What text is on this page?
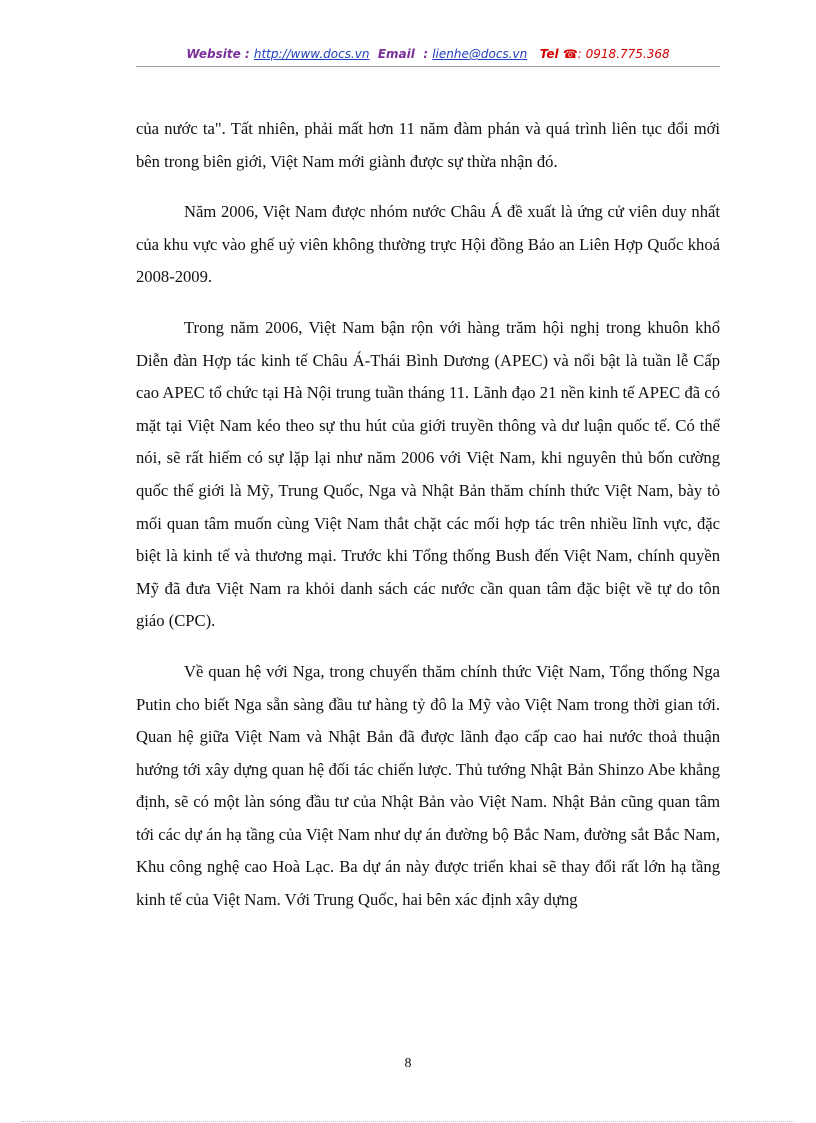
Website : http://www.docs.vn Email : lienhe@docs.vn Tel ☎: 0918.775.368

của nước ta". Tất nhiên, phải mất hơn 11 năm đàm phán và quá trình liên tục đổi mới bên trong biên giới, Việt Nam mới giành được sự thừa nhận đó.

Năm 2006, Việt Nam được nhóm nước Châu Á đề xuất là ứng cử viên duy nhất của khu vực vào ghế uỷ viên không thường trực Hội đồng Bảo an Liên Hợp Quốc khoá 2008-2009.

Trong năm 2006, Việt Nam bận rộn với hàng trăm hội nghị trong khuôn khổ Diễn đàn Hợp tác kinh tế Châu Á-Thái Bình Dương (APEC) và nổi bật là tuần lễ Cấp cao APEC tổ chức tại Hà Nội trung tuần tháng 11. Lãnh đạo 21 nền kinh tế APEC đã có mặt tại Việt Nam kéo theo sự thu hút của giới truyền thông và dư luận quốc tế. Có thể nói, sẽ rất hiếm có sự lặp lại như năm 2006 với Việt Nam, khi nguyên thủ bốn cường quốc thế giới là Mỹ, Trung Quốc, Nga và Nhật Bản thăm chính thức Việt Nam, bày tỏ mối quan tâm muốn cùng Việt Nam thắt chặt các mối hợp tác trên nhiều lĩnh vực, đặc biệt là kinh tế và thương mại. Trước khi Tổng thống Bush đến Việt Nam, chính quyền Mỹ đã đưa Việt Nam ra khỏi danh sách các nước cần quan tâm đặc biệt về tự do tôn giáo (CPC).

Về quan hệ với Nga, trong chuyến thăm chính thức Việt Nam, Tổng thống Nga Putin cho biết Nga sẵn sàng đầu tư hàng tỷ đô la Mỹ vào Việt Nam trong thời gian tới. Quan hệ giữa Việt Nam và Nhật Bản đã được lãnh đạo cấp cao hai nước thoả thuận hướng tới xây dựng quan hệ đối tác chiến lược. Thủ tướng Nhật Bản Shinzo Abe khẳng định, sẽ có một làn sóng đầu tư của Nhật Bản vào Việt Nam. Nhật Bản cũng quan tâm tới các dự án hạ tầng của Việt Nam như dự án đường bộ Bắc Nam, đường sắt Bắc Nam, Khu công nghệ cao Hoà Lạc. Ba dự án này được triển khai sẽ thay đổi rất lớn hạ tầng kinh tế của Việt Nam. Với Trung Quốc, hai bên xác định xây dựng

8
